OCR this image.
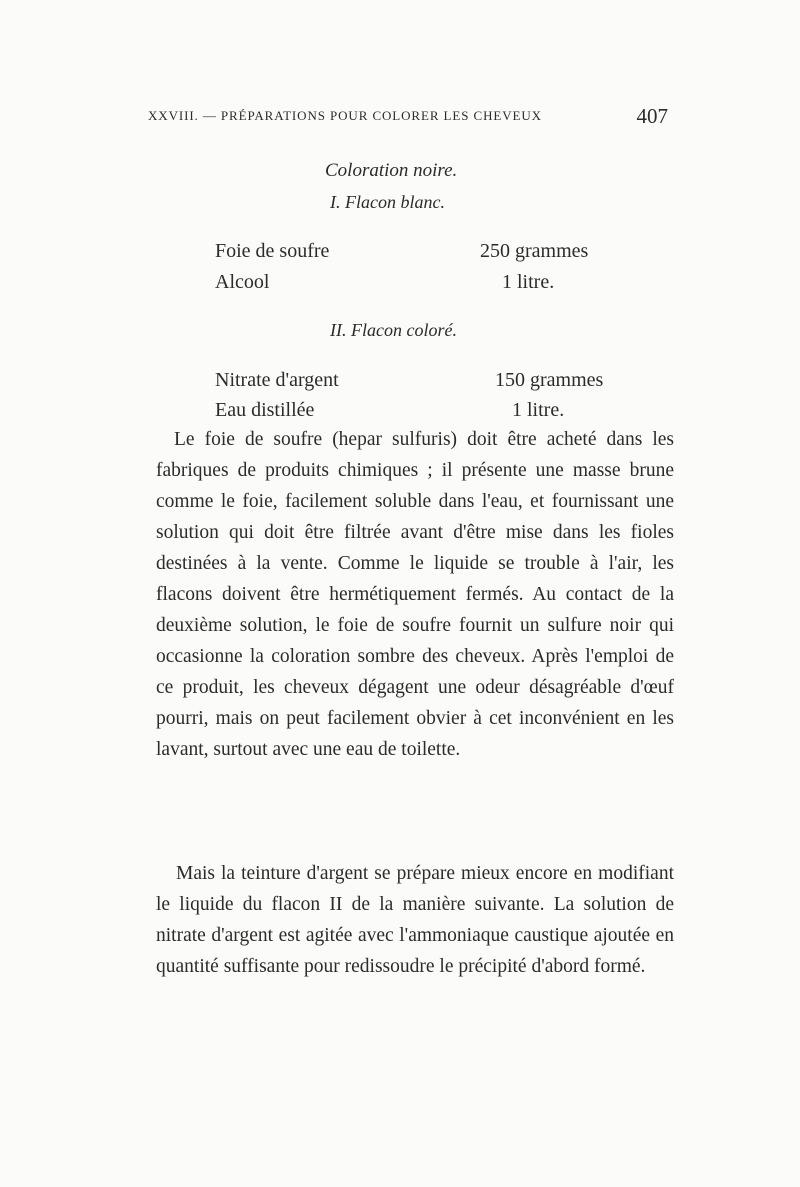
XXVIII. — PRÉPARATIONS POUR COLORER LES CHEVEUX	407
Coloration noire.
I. Flacon blanc.
Foie de soufre	250 grammes
Alcool	1 litre.
II. Flacon coloré.
Nitrate d'argent	150 grammes
Eau distillée	1 litre.

Le foie de soufre (hepar sulfuris) doit être acheté dans les fabriques de produits chimiques ; il présente une masse brune comme le foie, facilement soluble dans l'eau, et fournissant une solution qui doit être filtrée avant d'être mise dans les fioles destinées à la vente. Comme le liquide se trouble à l'air, les flacons doivent être hermétiquement fermés. Au contact de la deuxième solution, le foie de soufre fournit un sulfure noir qui occasionne la coloration sombre des cheveux. Après l'emploi de ce produit, les cheveux dégagent une odeur désagréable d'œuf pourri, mais on peut facilement obvier à cet inconvénient en les lavant, surtout avec une eau de toilette.

Mais la teinture d'argent se prépare mieux encore en modifiant le liquide du flacon II de la manière suivante. La solution de nitrate d'argent est agitée avec l'ammoniaque caustique ajoutée en quantité suffisante pour redissoudre le précipité d'abord formé.
